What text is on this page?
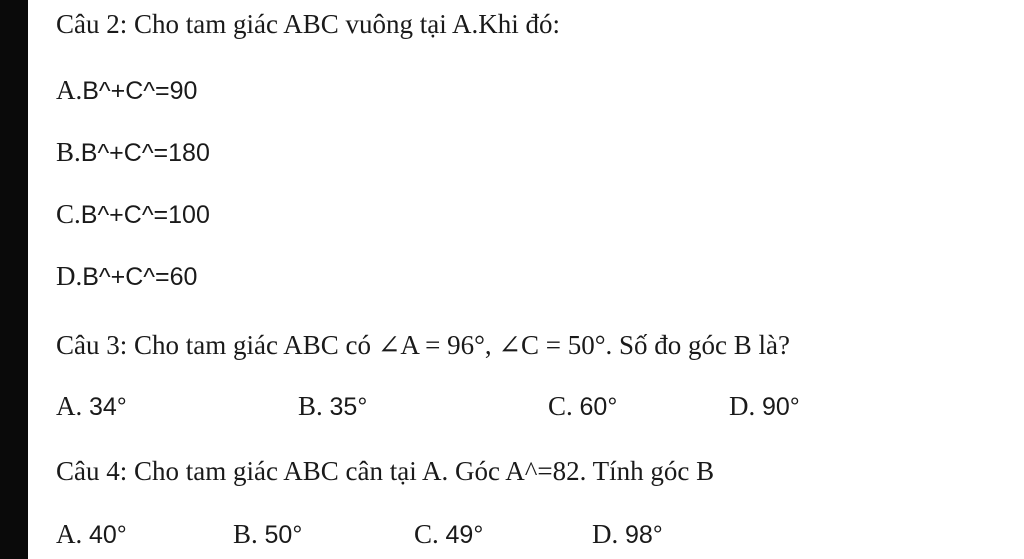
Câu 2: Cho tam giác ABC vuông tại A.Khi đó:
A.B^+C^=90
B.B^+C^=180
C.B^+C^=100
D.B^+C^=60
Câu 3: Cho tam giác ABC có ∠A = 96°, ∠C = 50°. Số đo góc B là?
A. 34°	B. 35°	C. 60°	D. 90°
Câu 4: Cho tam giác ABC cân tại A. Góc A^=82. Tính góc B
A. 40°	B. 50°	C. 49°	D. 98°
